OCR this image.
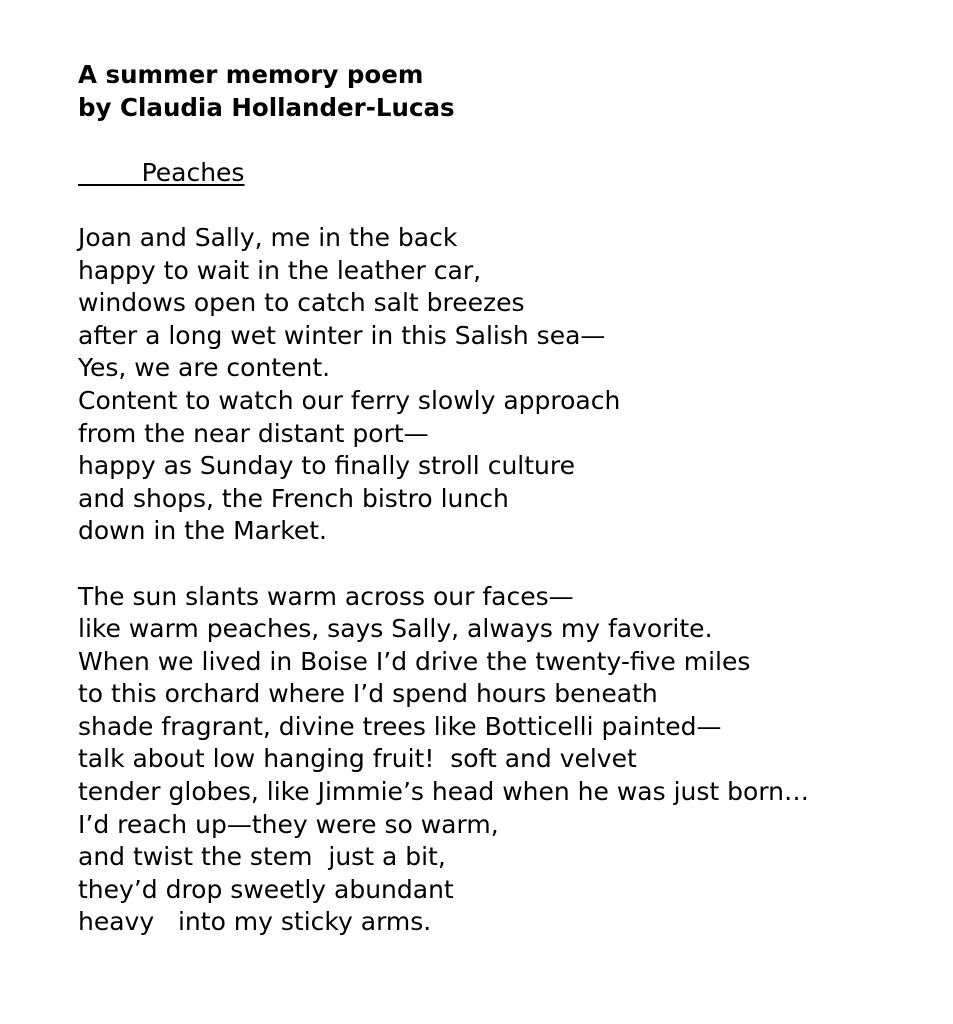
A summer memory poem
by Claudia Hollander-Lucas
Peaches
Joan and Sally, me in the back
happy to wait in the leather car,
windows open to catch salt breezes
after a long wet winter in this Salish sea—
Yes, we are content.
Content to watch our ferry slowly approach
from the near distant port—
happy as Sunday to finally stroll culture
and shops, the French bistro lunch
down in the Market.
The sun slants warm across our faces—
like warm peaches, says Sally, always my favorite.
When we lived in Boise I’d drive the twenty-five miles
to this orchard where I’d spend hours beneath
shade fragrant, divine trees like Botticelli painted—
talk about low hanging fruit!  soft and velvet
tender globes, like Jimmie’s head when he was just born…
I’d reach up—they were so warm,
and twist the stem  just a bit,
they’d drop sweetly abundant
heavy   into my sticky arms.
